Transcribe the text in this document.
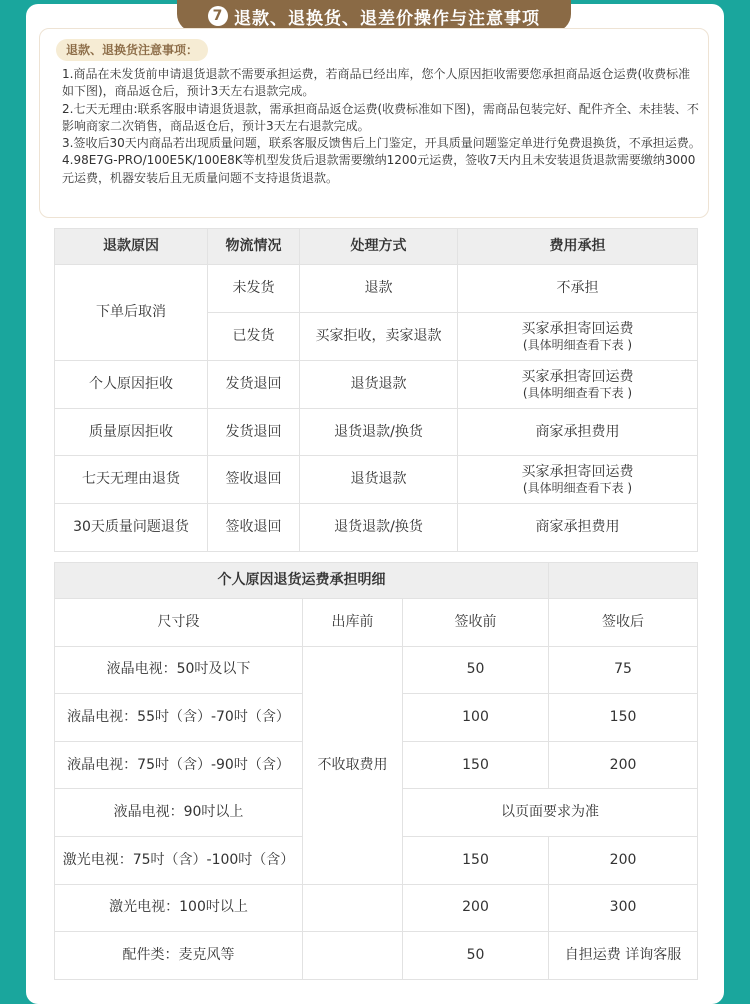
7 退款、退换货、退差价操作与注意事项
退款、退换货注意事项：

1.商品在未发货前申请退货退款不需要承担运费，若商品已经出库，您个人原因拒收需要您承担商品返仓运费(收费标准如下图)，商品返仓后，预计3天左右退款完成。

2.七天无理由:联系客服申请退货退款，需承担商品返仓运费(收费标准如下图)，需商品包装完好、配件齐全、未挂装、不影响商家二次销售，商品返仓后，预计3天左右退款完成。

3.签收后30天内商品若出现质量问题，联系客服反馈售后上门鉴定，开具质量问题鉴定单进行免费退换货，不承担运费。

4.98E7G-PRO/100E5K/100E8K等机型发货后退款需要缴纳1200元运费，签收7天内且未安装退货退款需要缴纳3000元运费，机器安装后且无质量问题不支持退货退款。

退款原因	物流情况	处理方式	费用承担
下单后取消	未发货	退款	不承担
	已发货	买家拒收，卖家退款	买家承担寄回运费
(具体明细查看下表 )

个人原因拒收	发货退回	退货退款	买家承担寄回运费
(具体明细查看下表 )

质量原因拒收	发货退回	退货退款/换货	商家承担费用
七天无理由退货	签收退回	退货退款	买家承担寄回运费
(具体明细查看下表 )

30天质量问题退货	签收退回	退货退款/换货	商家承担费用
个人原因退货运费承担明细			
尺寸段	出库前	签收前	签收后
液晶电视：50吋及以下	不收取费用	50	75
液晶电视：55吋（含）-70吋（含）		100	150
液晶电视：75吋（含）-90吋（含）		150	200
液晶电视：90吋以上		以页面要求为准	
激光电视：75吋（含）-100吋（含）		150	200
激光电视：100吋以上		200	300
配件类：麦克风等		50	自担运费 详询客服
